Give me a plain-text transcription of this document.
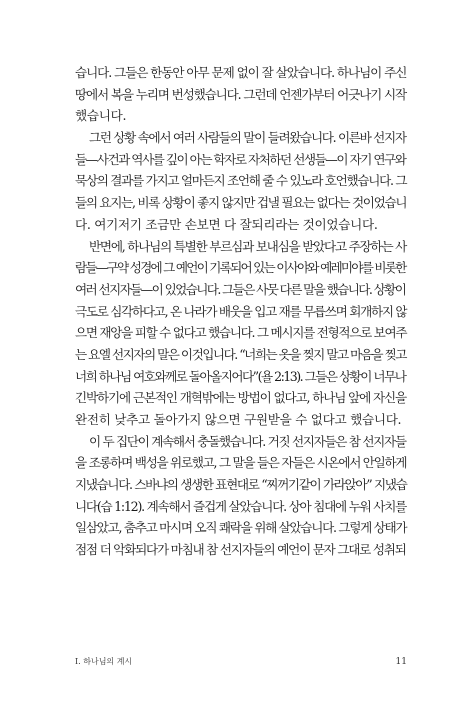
습니다. 그들은 한동안 아무 문제 없이 잘 살았습니다. 하나님이 주신
땅에서 복을 누리며 번성했습니다. 그런데 언젠가부터 어긋나기 시작
했습니다.
그런 상황 속에서 여러 사람들의 말이 들려왔습니다. 이른바 선지자
들—사건과 역사를 깊이 아는 학자로 자처하던 선생들—이 자기 연구와
묵상의 결과를 가지고 얼마든지 조언해 줄 수 있노라 호언했습니다. 그
들의 요지는, 비록 상황이 좋지 않지만 겁낼 필요는 없다는 것이었습니
다. 여기저기 조금만 손보면 다 잘되리라는 것이었습니다.
반면에, 하나님의 특별한 부르심과 보내심을 받았다고 주장하는 사
람들—구약 성경에 그 예언이 기록되어 있는 이사야와 예레미야를 비롯한
여러 선지자들—이 있었습니다. 그들은 사뭇 다른 말을 했습니다. 상황이
극도로 심각하다고, 온 나라가 배웃을 입고 재를 무릅쓰며 회개하지 않
으면 재앙을 피할 수 없다고 했습니다. 그 메시지를 전형적으로 보여주
는 요엘 선지자의 말은 이것입니다. “너희는 옷을 찢지 말고 마음을 찢고
너희 하나님 여호와께로 돌아올지어다”(욜 2:13). 그들은 상황이 너무나
긴박하기에 근본적인 개혁밖에는 방법이 없다고, 하나님 앞에 자신을
완전히 낮추고 돌아가지 않으면 구원받을 수 없다고 했습니다.
이 두 집단이 계속해서 충돌했습니다. 거짓 선지자들은 참 선지자들
을 조롱하며 백성을 위로했고, 그 말을 들은 자들은 시온에서 안일하게
지냈습니다. 스바냐의 생생한 표현대로 “찌꺼기같이 가라앉아” 지냈습
니다(습 1:12). 계속해서 즐겁게 살았습니다. 상아 침대에 누워 사치를
일삼았고, 춤추고 마시며 오직 쾌락을 위해 살았습니다. 그렇게 상태가
점점 더 악화되다가 마침내 참 선지자들의 예언이 문자 그대로 성취되
I. 하나님의 계시	11
